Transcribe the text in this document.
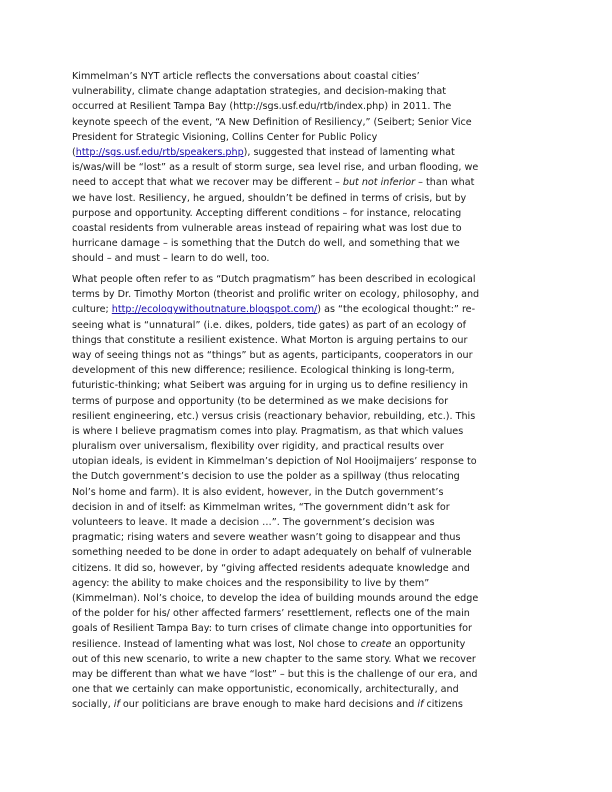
Kimmelman’s NYT article reflects the conversations about coastal cities’
vulnerability, climate change adaptation strategies, and decision-making that
occurred at Resilient Tampa Bay (http://sgs.usf.edu/rtb/index.php) in 2011. The
keynote speech of the event, “A New Definition of Resiliency,” (Seibert; Senior Vice
President for Strategic Visioning, Collins Center for Public Policy
(http://sgs.usf.edu/rtb/speakers.php), suggested that instead of lamenting what
is/was/will be “lost” as a result of storm surge, sea level rise, and urban flooding, we
need to accept that what we recover may be different – but not inferior – than what
we have lost. Resiliency, he argued, shouldn’t be defined in terms of crisis, but by
purpose and opportunity. Accepting different conditions – for instance, relocating
coastal residents from vulnerable areas instead of repairing what was lost due to
hurricane damage – is something that the Dutch do well, and something that we
should – and must – learn to do well, too.
What people often refer to as “Dutch pragmatism” has been described in ecological
terms by Dr. Timothy Morton (theorist and prolific writer on ecology, philosophy, and
culture; http://ecologywithoutnature.blogspot.com/) as “the ecological thought:” re-
seeing what is “unnatural” (i.e. dikes, polders, tide gates) as part of an ecology of
things that constitute a resilient existence. What Morton is arguing pertains to our
way of seeing things not as “things” but as agents, participants, cooperators in our
development of this new difference; resilience. Ecological thinking is long-term,
futuristic-thinking; what Seibert was arguing for in urging us to define resiliency in
terms of purpose and opportunity (to be determined as we make decisions for
resilient engineering, etc.) versus crisis (reactionary behavior, rebuilding, etc.). This
is where I believe pragmatism comes into play. Pragmatism, as that which values
pluralism over universalism, flexibility over rigidity, and practical results over
utopian ideals, is evident in Kimmelman’s depiction of Nol Hooijmaijers’ response to
the Dutch government’s decision to use the polder as a spillway (thus relocating
Nol’s home and farm). It is also evident, however, in the Dutch government’s
decision in and of itself: as Kimmelman writes, “The government didn’t ask for
volunteers to leave. It made a decision …”. The government’s decision was
pragmatic; rising waters and severe weather wasn’t going to disappear and thus
something needed to be done in order to adapt adequately on behalf of vulnerable
citizens. It did so, however, by “giving affected residents adequate knowledge and
agency: the ability to make choices and the responsibility to live by them”
(Kimmelman). Nol’s choice, to develop the idea of building mounds around the edge
of the polder for his/ other affected farmers’ resettlement, reflects one of the main
goals of Resilient Tampa Bay: to turn crises of climate change into opportunities for
resilience. Instead of lamenting what was lost, Nol chose to create an opportunity
out of this new scenario, to write a new chapter to the same story. What we recover
may be different than what we have “lost” – but this is the challenge of our era, and
one that we certainly can make opportunistic, economically, architecturally, and
socially, if our politicians are brave enough to make hard decisions and if citizens
